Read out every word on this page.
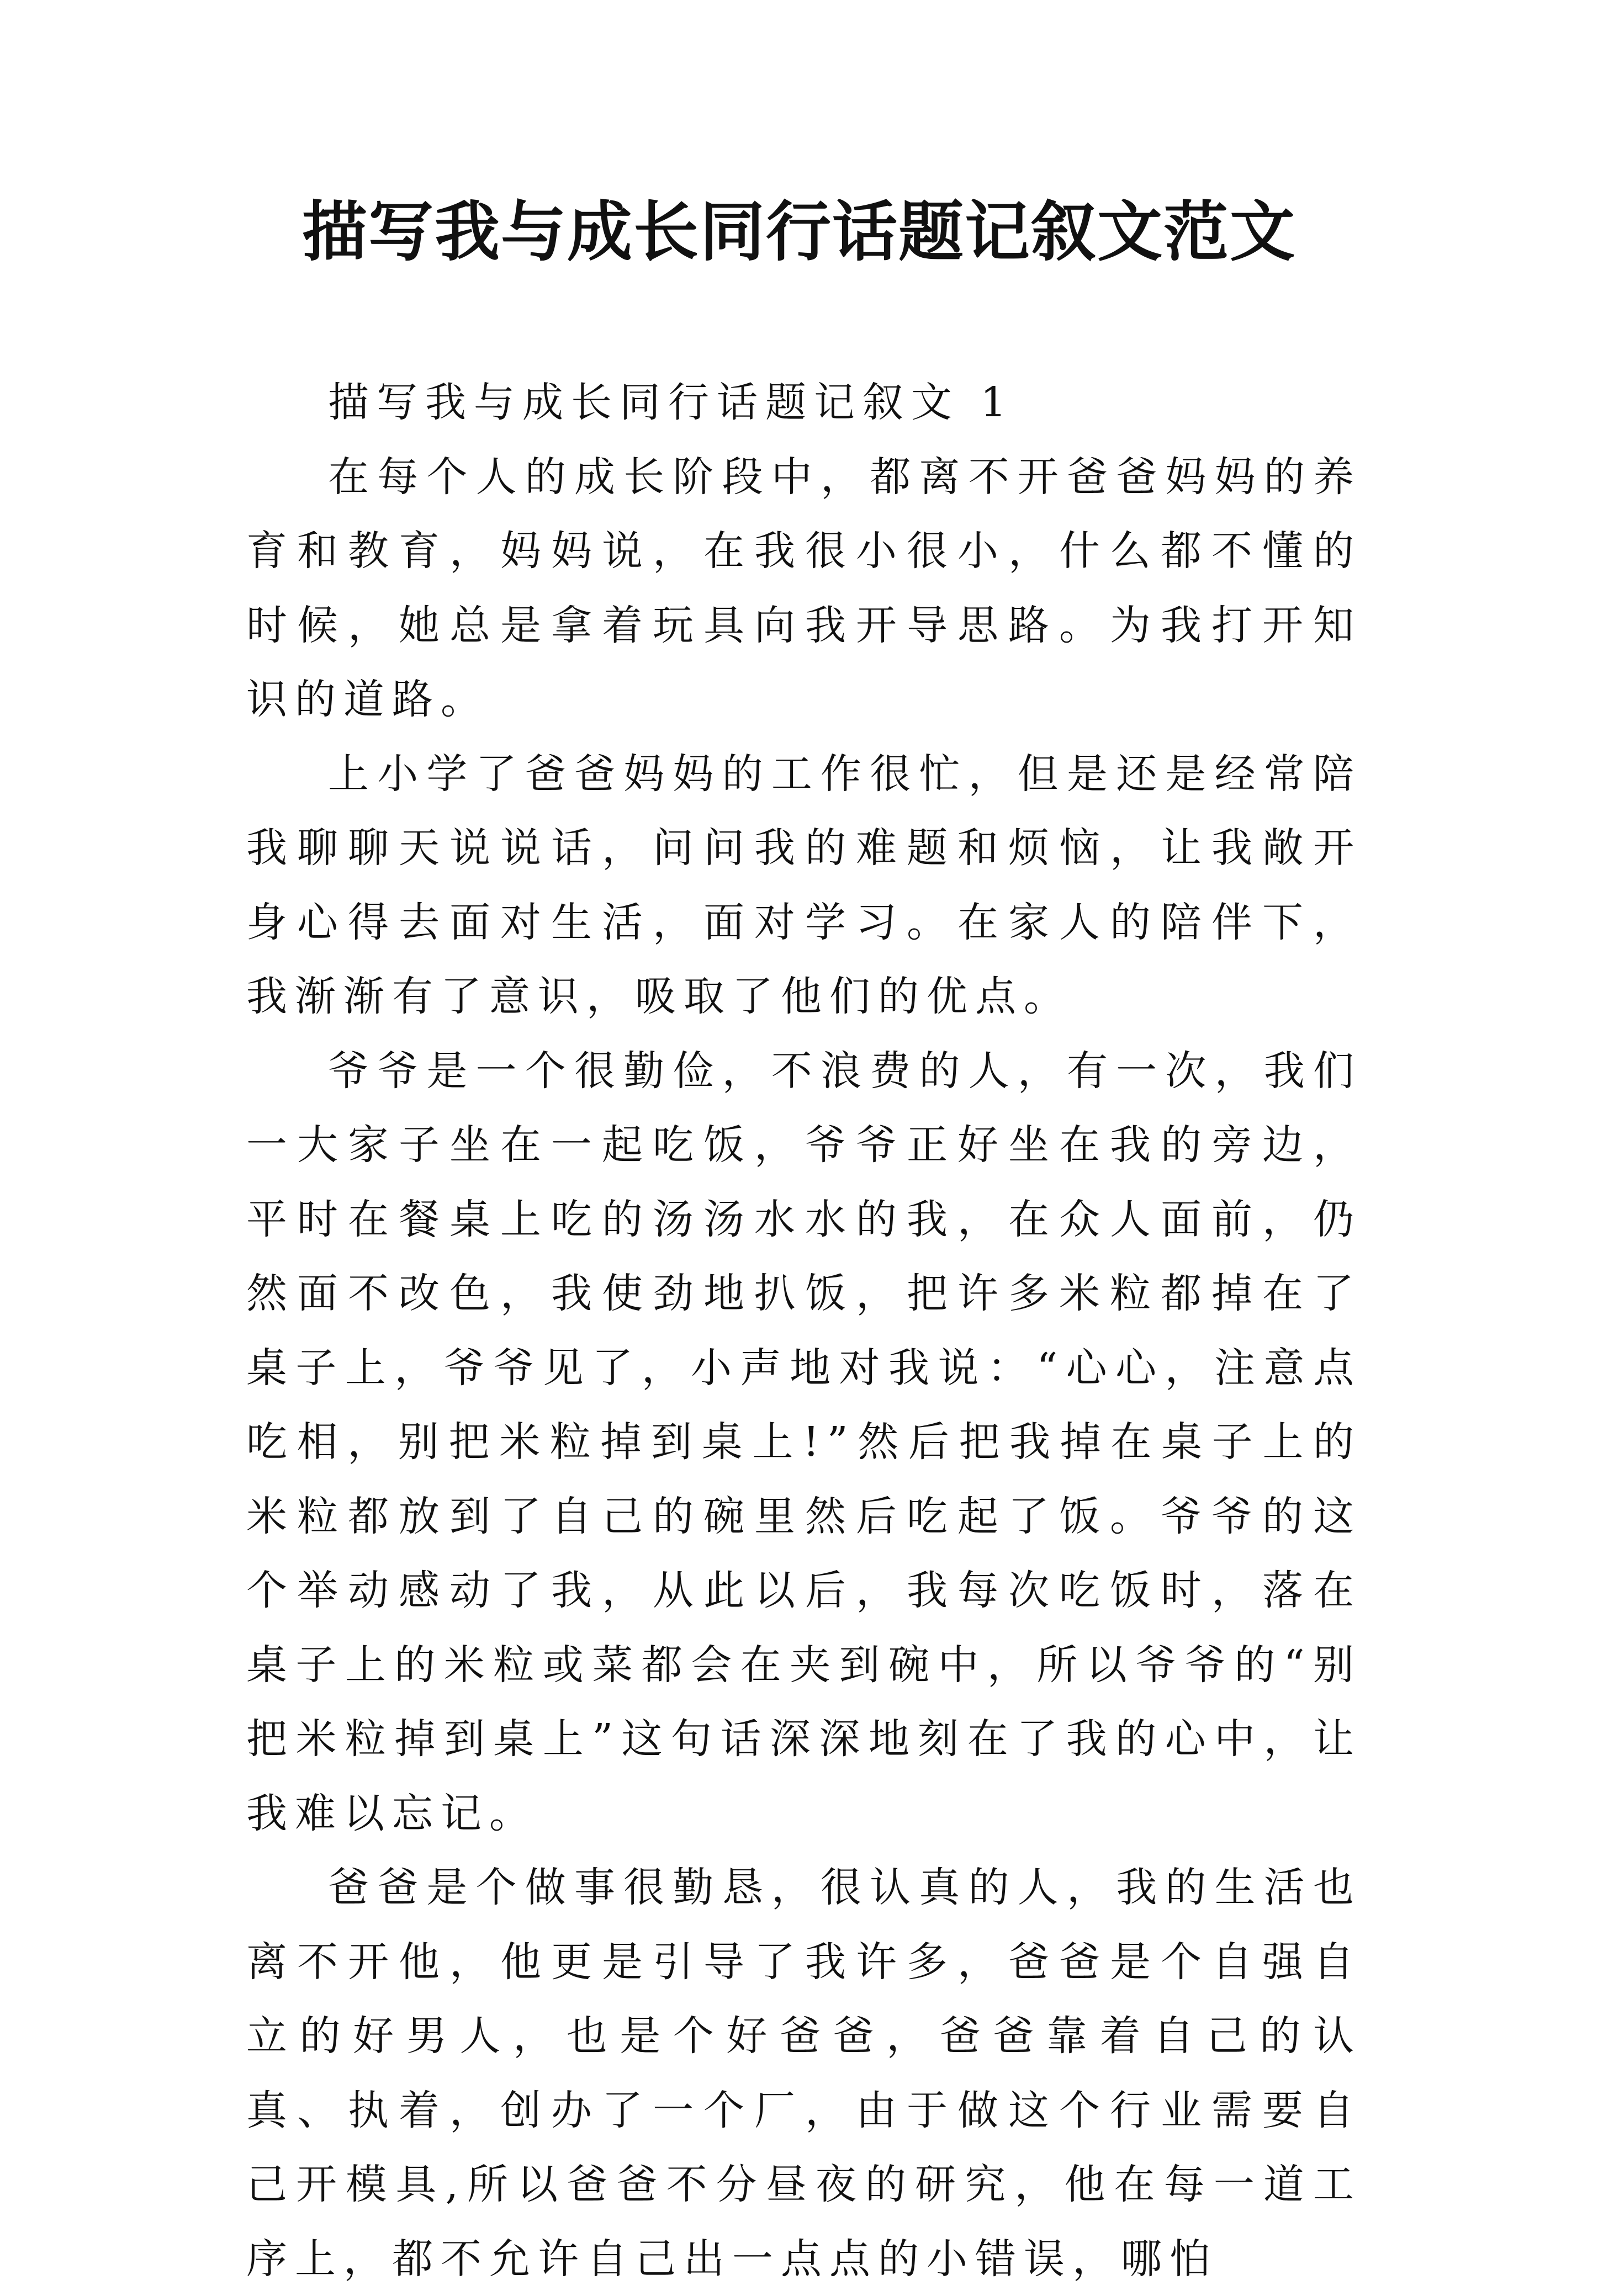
描写我与成长同行话题记叙文范文

描写我与成长同行话题记叙文 1

在每个人的成长阶段中，都离不开爸爸妈妈的养育和教育，妈妈说，在我很小很小，什么都不懂的时候，她总是拿着玩具向我开导思路。为我打开知识的道路。

上小学了爸爸妈妈的工作很忙，但是还是经常陪我聊聊天说说话，问问我的难题和烦恼，让我敞开身心得去面对生活，面对学习。在家人的陪伴下，我渐渐有了意识，吸取了他们的优点。

爷爷是一个很勤俭，不浪费的人，有一次，我们一大家子坐在一起吃饭，爷爷正好坐在我的旁边，平时在餐桌上吃的汤汤水水的我，在众人面前，仍然面不改色，我使劲地扒饭，把许多米粒都掉在了桌子上，爷爷见了，小声地对我说：“心心，注意点吃相，别把米粒掉到桌上!”然后把我掉在桌子上的米粒都放到了自己的碗里然后吃起了饭。爷爷的这个举动感动了我，从此以后，我每次吃饭时，落在桌子上的米粒或菜都会在夹到碗中，所以爷爷的“别把米粒掉到桌上”这句话深深地刻在了我的心中，让我难以忘记。

爸爸是个做事很勤恳，很认真的人，我的生活也离不开他，他更是引导了我许多，爸爸是个自强自立的好男人，也是个好爸爸，爸爸靠着自己的认真、执着，创办了一个厂，由于做这个行业需要自己开模具,所以爸爸不分昼夜的研究，他在每一道工序上，都不允许自己出一点点的小错误，哪怕
